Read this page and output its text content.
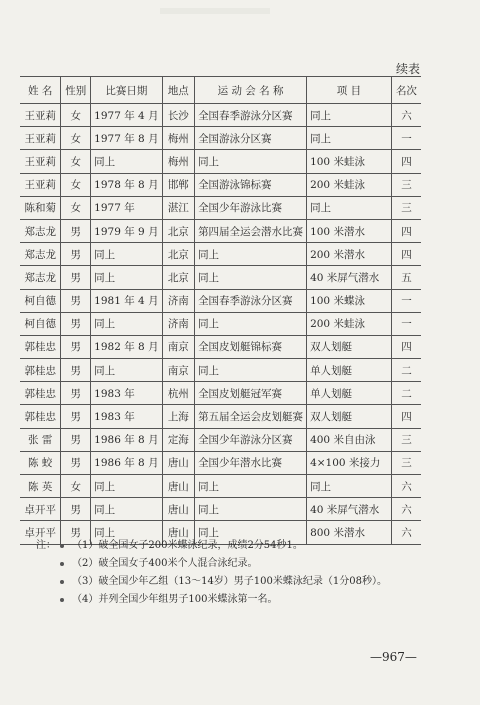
续表
姓 名	性别	比赛日期	地点	运 动 会 名 称	项 目	名次
王亚莉	女	1977 年 4 月	长沙	全国春季游泳分区赛	同上	六
王亚莉	女	1977 年 8 月	梅州	全国游泳分区赛	同上	一
王亚莉	女	同上	梅州	同上	100 米蛙泳	四
王亚莉	女	1978 年 8 月	邯郸	全国游泳锦标赛	200 米蛙泳	三
陈和菊	女	1977 年	湛江	全国少年游泳比赛	同上	三
郑志龙	男	1979 年 9 月	北京	第四届全运会潜水比赛	100 米潜水	四
郑志龙	男	同上	北京	同上	200 米潜水	四
郑志龙	男	同上	北京	同上	40 米屏气潜水	五
柯自德	男	1981 年 4 月	济南	全国春季游泳分区赛	100 米蝶泳	一
柯自德	男	同上	济南	同上	200 米蛙泳	一
郭桂忠	男	1982 年 8 月	南京	全国皮划艇锦标赛	双人划艇	四
郭桂忠	男	同上	南京	同上	单人划艇	二
郭桂忠	男	1983 年	杭州	全国皮划艇冠军赛	单人划艇	二
郭桂忠	男	1983 年	上海	第五届全运会皮划艇赛	双人划艇	四
张 雷	男	1986 年 8 月	定海	全国少年游泳分区赛	400 米自由泳	三
陈 蛟	男	1986 年 8 月	唐山	全国少年潜水比赛	4×100 米接力	三
陈 英	女	同上	唐山	同上	同上	六
卓开平	男	同上	唐山	同上	40 米屏气潜水	六
卓开平	男	同上	唐山	同上	800 米潜水	六
注：	（1）破全国女子200米蝶泳纪录，成绩2分54秒1。
（2）破全国女子400米个人混合泳纪录。
（3）破全国少年乙组（13～14岁）男子100米蝶泳纪录（1分08秒）。
（4）并列全国少年组男子100米蝶泳第一名。
—967—
